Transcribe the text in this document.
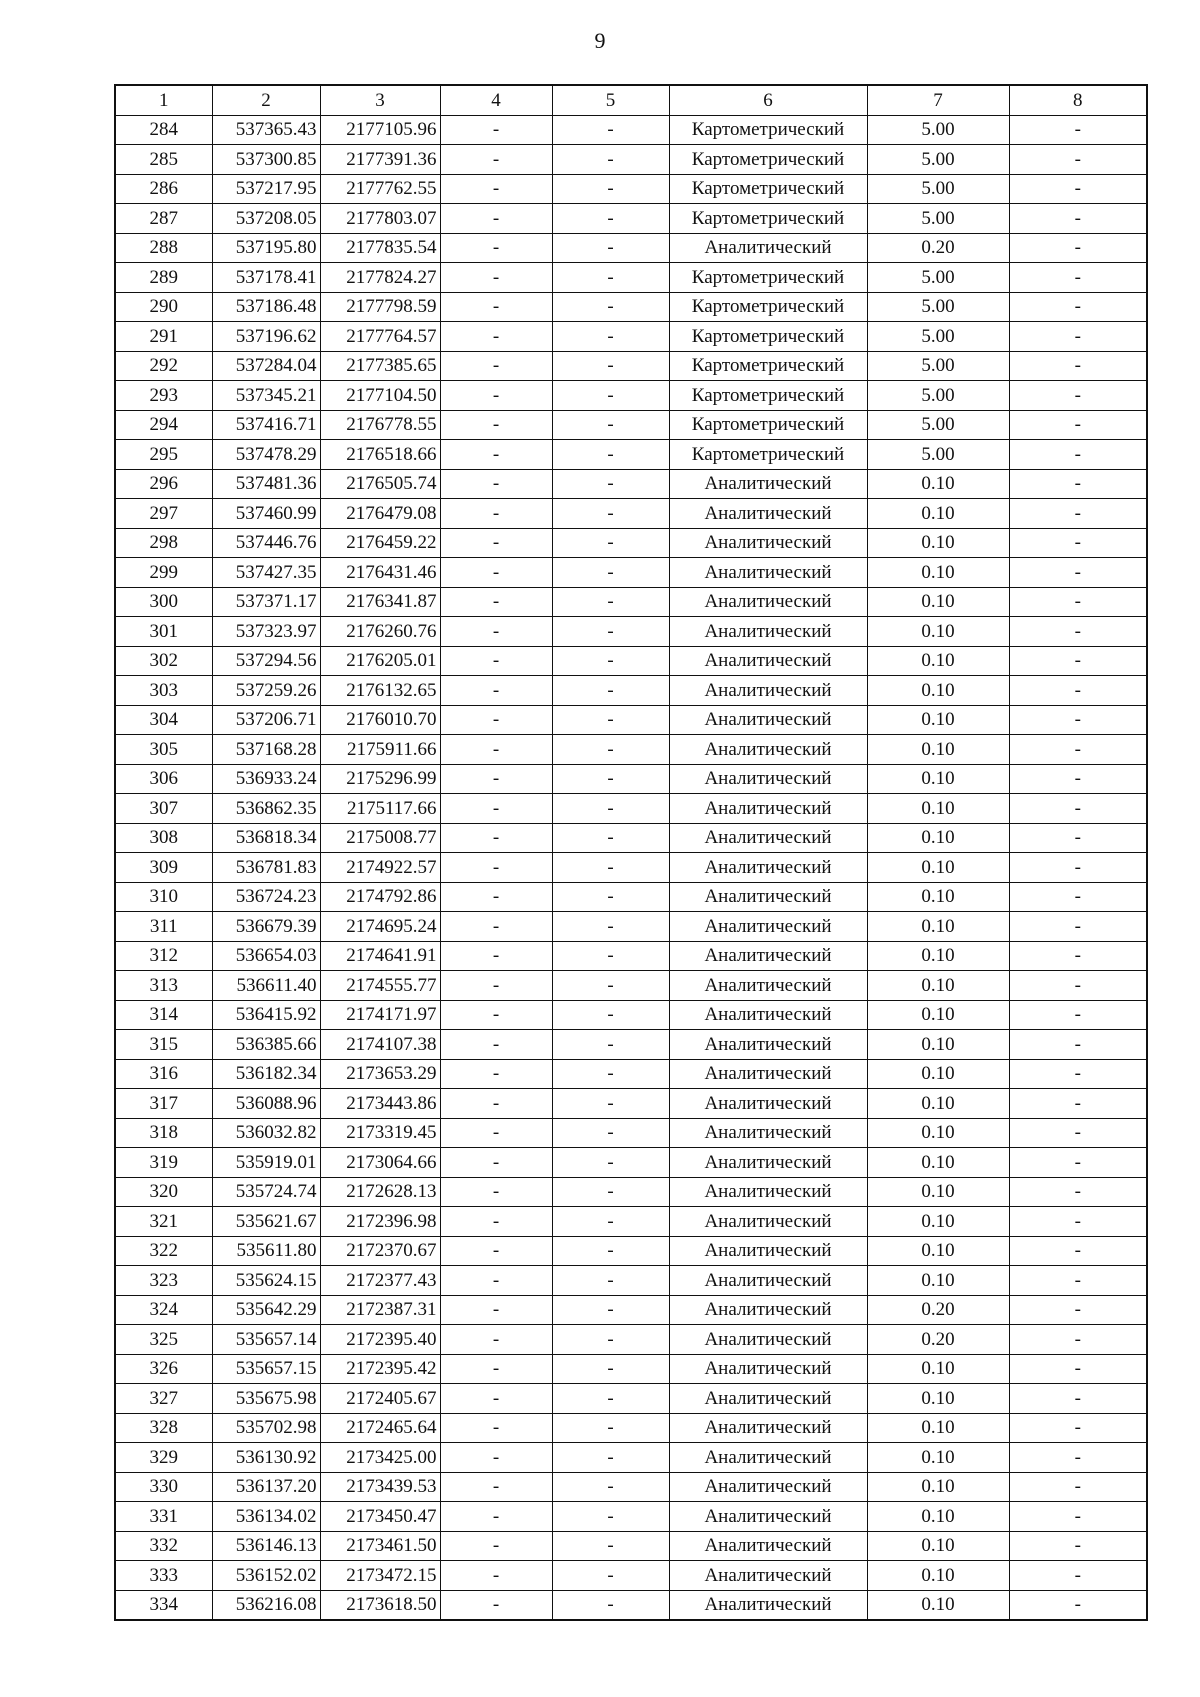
9
1	2	3	4	5	6	7	8
284	537365.43	2177105.96	-	-	Картометрический	5.00	-
285	537300.85	2177391.36	-	-	Картометрический	5.00	-
286	537217.95	2177762.55	-	-	Картометрический	5.00	-
287	537208.05	2177803.07	-	-	Картометрический	5.00	-
288	537195.80	2177835.54	-	-	Аналитический	0.20	-
289	537178.41	2177824.27	-	-	Картометрический	5.00	-
290	537186.48	2177798.59	-	-	Картометрический	5.00	-
291	537196.62	2177764.57	-	-	Картометрический	5.00	-
292	537284.04	2177385.65	-	-	Картометрический	5.00	-
293	537345.21	2177104.50	-	-	Картометрический	5.00	-
294	537416.71	2176778.55	-	-	Картометрический	5.00	-
295	537478.29	2176518.66	-	-	Картометрический	5.00	-
296	537481.36	2176505.74	-	-	Аналитический	0.10	-
297	537460.99	2176479.08	-	-	Аналитический	0.10	-
298	537446.76	2176459.22	-	-	Аналитический	0.10	-
299	537427.35	2176431.46	-	-	Аналитический	0.10	-
300	537371.17	2176341.87	-	-	Аналитический	0.10	-
301	537323.97	2176260.76	-	-	Аналитический	0.10	-
302	537294.56	2176205.01	-	-	Аналитический	0.10	-
303	537259.26	2176132.65	-	-	Аналитический	0.10	-
304	537206.71	2176010.70	-	-	Аналитический	0.10	-
305	537168.28	2175911.66	-	-	Аналитический	0.10	-
306	536933.24	2175296.99	-	-	Аналитический	0.10	-
307	536862.35	2175117.66	-	-	Аналитический	0.10	-
308	536818.34	2175008.77	-	-	Аналитический	0.10	-
309	536781.83	2174922.57	-	-	Аналитический	0.10	-
310	536724.23	2174792.86	-	-	Аналитический	0.10	-
311	536679.39	2174695.24	-	-	Аналитический	0.10	-
312	536654.03	2174641.91	-	-	Аналитический	0.10	-
313	536611.40	2174555.77	-	-	Аналитический	0.10	-
314	536415.92	2174171.97	-	-	Аналитический	0.10	-
315	536385.66	2174107.38	-	-	Аналитический	0.10	-
316	536182.34	2173653.29	-	-	Аналитический	0.10	-
317	536088.96	2173443.86	-	-	Аналитический	0.10	-
318	536032.82	2173319.45	-	-	Аналитический	0.10	-
319	535919.01	2173064.66	-	-	Аналитический	0.10	-
320	535724.74	2172628.13	-	-	Аналитический	0.10	-
321	535621.67	2172396.98	-	-	Аналитический	0.10	-
322	535611.80	2172370.67	-	-	Аналитический	0.10	-
323	535624.15	2172377.43	-	-	Аналитический	0.10	-
324	535642.29	2172387.31	-	-	Аналитический	0.20	-
325	535657.14	2172395.40	-	-	Аналитический	0.20	-
326	535657.15	2172395.42	-	-	Аналитический	0.10	-
327	535675.98	2172405.67	-	-	Аналитический	0.10	-
328	535702.98	2172465.64	-	-	Аналитический	0.10	-
329	536130.92	2173425.00	-	-	Аналитический	0.10	-
330	536137.20	2173439.53	-	-	Аналитический	0.10	-
331	536134.02	2173450.47	-	-	Аналитический	0.10	-
332	536146.13	2173461.50	-	-	Аналитический	0.10	-
333	536152.02	2173472.15	-	-	Аналитический	0.10	-
334	536216.08	2173618.50	-	-	Аналитический	0.10	-
